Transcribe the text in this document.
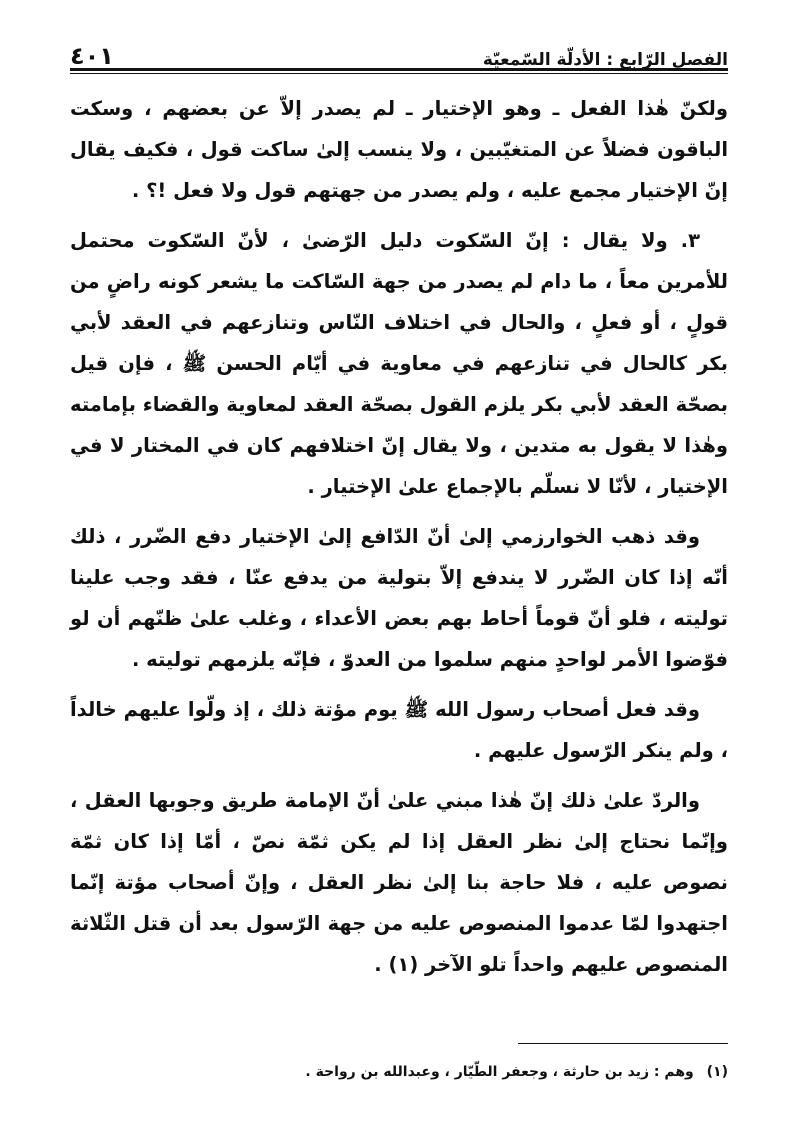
الفصل الرّابع : الأدلّة السّمعيّة
٤٠١

ولكنّ هٰذا الفعل ـ وهو الإختيار ـ لم يصدر إلاّ عن بعضهم ، وسكت الباقون فضلاً عن المتغيّبين ، ولا ينسب إلىٰ ساكت قول ، فكيف يقال إنّ الإختيار مجمع عليه ، ولم يصدر من جهتهم قول ولا فعل !؟ .

٣. ولا يقال : إنّ السّكوت دليل الرّضىٰ ، لأنّ السّكوت محتمل للأمرين معاً ، ما دام لم يصدر من جهة السّاكت ما يشعر كونه راضٍ من قولٍ ، أو فعلٍ ، والحال في اختلاف النّاس وتنازعهم في العقد لأبي بكر كالحال في تنازعهم في معاوية في أيّام الحسن ﷺ ، فإن قيل بصحّة العقد لأبي بكر يلزم القول بصحّة العقد لمعاوية والقضاء بإمامته وهٰذا لا يقول به متدين ، ولا يقال إنّ اختلافهم كان في المختار لا في الإختيار ، لأنّا لا نسلّم بالإجماع علىٰ الإختيار .

وقد ذهب الخوارزمي إلىٰ أنّ الدّافع إلىٰ الإختيار دفع الضّرر ، ذلك أنّه إذا كان الضّرر لا يندفع إلاّ بتولية من يدفع عنّا ، فقد وجب علينا توليته ، فلو أنّ قوماً أحاط بهم بعض الأعداء ، وغلب علىٰ ظنّهم أن لو فوّضوا الأمر لواحدٍ منهم سلموا من العدوّ ، فإنّه يلزمهم توليته .

وقد فعل أصحاب رسول الله ﷺ يوم مؤتة ذلك ، إذ ولّوا عليهم خالداً ، ولم ينكر الرّسول عليهم .

والردّ علىٰ ذلك إنّ هٰذا مبني علىٰ أنّ الإمامة طريق وجوبها العقل ، وإنّما نحتاج إلىٰ نظر العقل إذا لم يكن ثمّة نصّ ، أمّا إذا كان ثمّة نصوص عليه ، فلا حاجة بنا إلىٰ نظر العقل ، وإنّ أصحاب مؤتة إنّما اجتهدوا لمّا عدموا المنصوص عليه من جهة الرّسول بعد أن قتل الثّلاثة المنصوص عليهم واحداً تلو الآخر (١) .

(١) وهم : زيد بن حارثة ، وجعفر الطّيّار ، وعبدالله بن رواحة .
